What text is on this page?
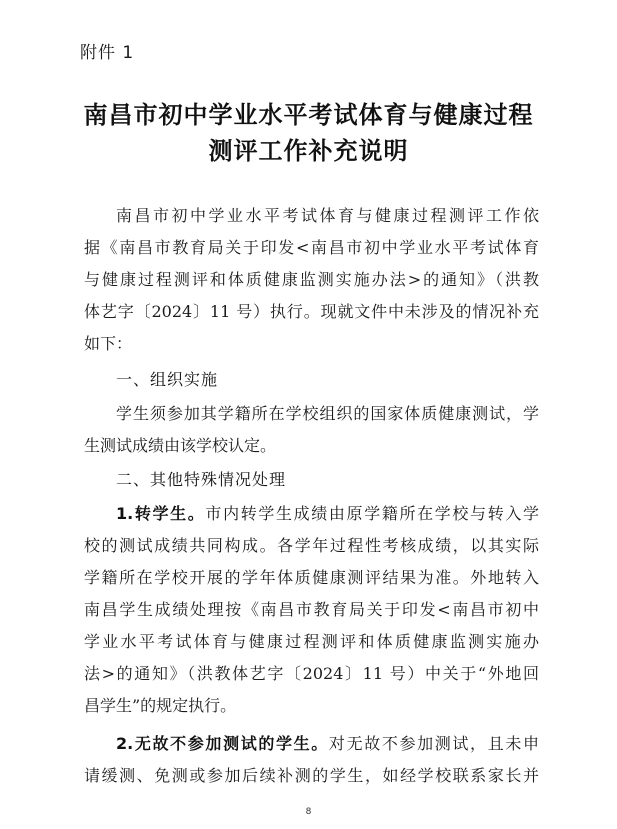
附件 1
南昌市初中学业水平考试体育与健康过程
测评工作补充说明
南昌市初中学业水平考试体育与健康过程测评工作依
据《南昌市教育局关于印发<南昌市初中学业水平考试体育
与健康过程测评和体质健康监测实施办法>的通知》（洪教
体艺字〔2024〕11 号）执行。现就文件中未涉及的情况补充
如下：
一、组织实施
学生须参加其学籍所在学校组织的国家体质健康测试，学
生测试成绩由该学校认定。
二、其他特殊情况处理
1.转学生。市内转学生成绩由原学籍所在学校与转入学
校的测试成绩共同构成。各学年过程性考核成绩，以其实际
学籍所在学校开展的学年体质健康测评结果为准。外地转入
南昌学生成绩处理按《南昌市教育局关于印发<南昌市初中
学业水平考试体育与健康过程测评和体质健康监测实施办
法>的通知》（洪教体艺字〔2024〕11 号）中关于“外地回
昌学生”的规定执行。
2.无故不参加测试的学生。对无故不参加测试，且未申
请缓测、免测或参加后续补测的学生，如经学校联系家长并
8
